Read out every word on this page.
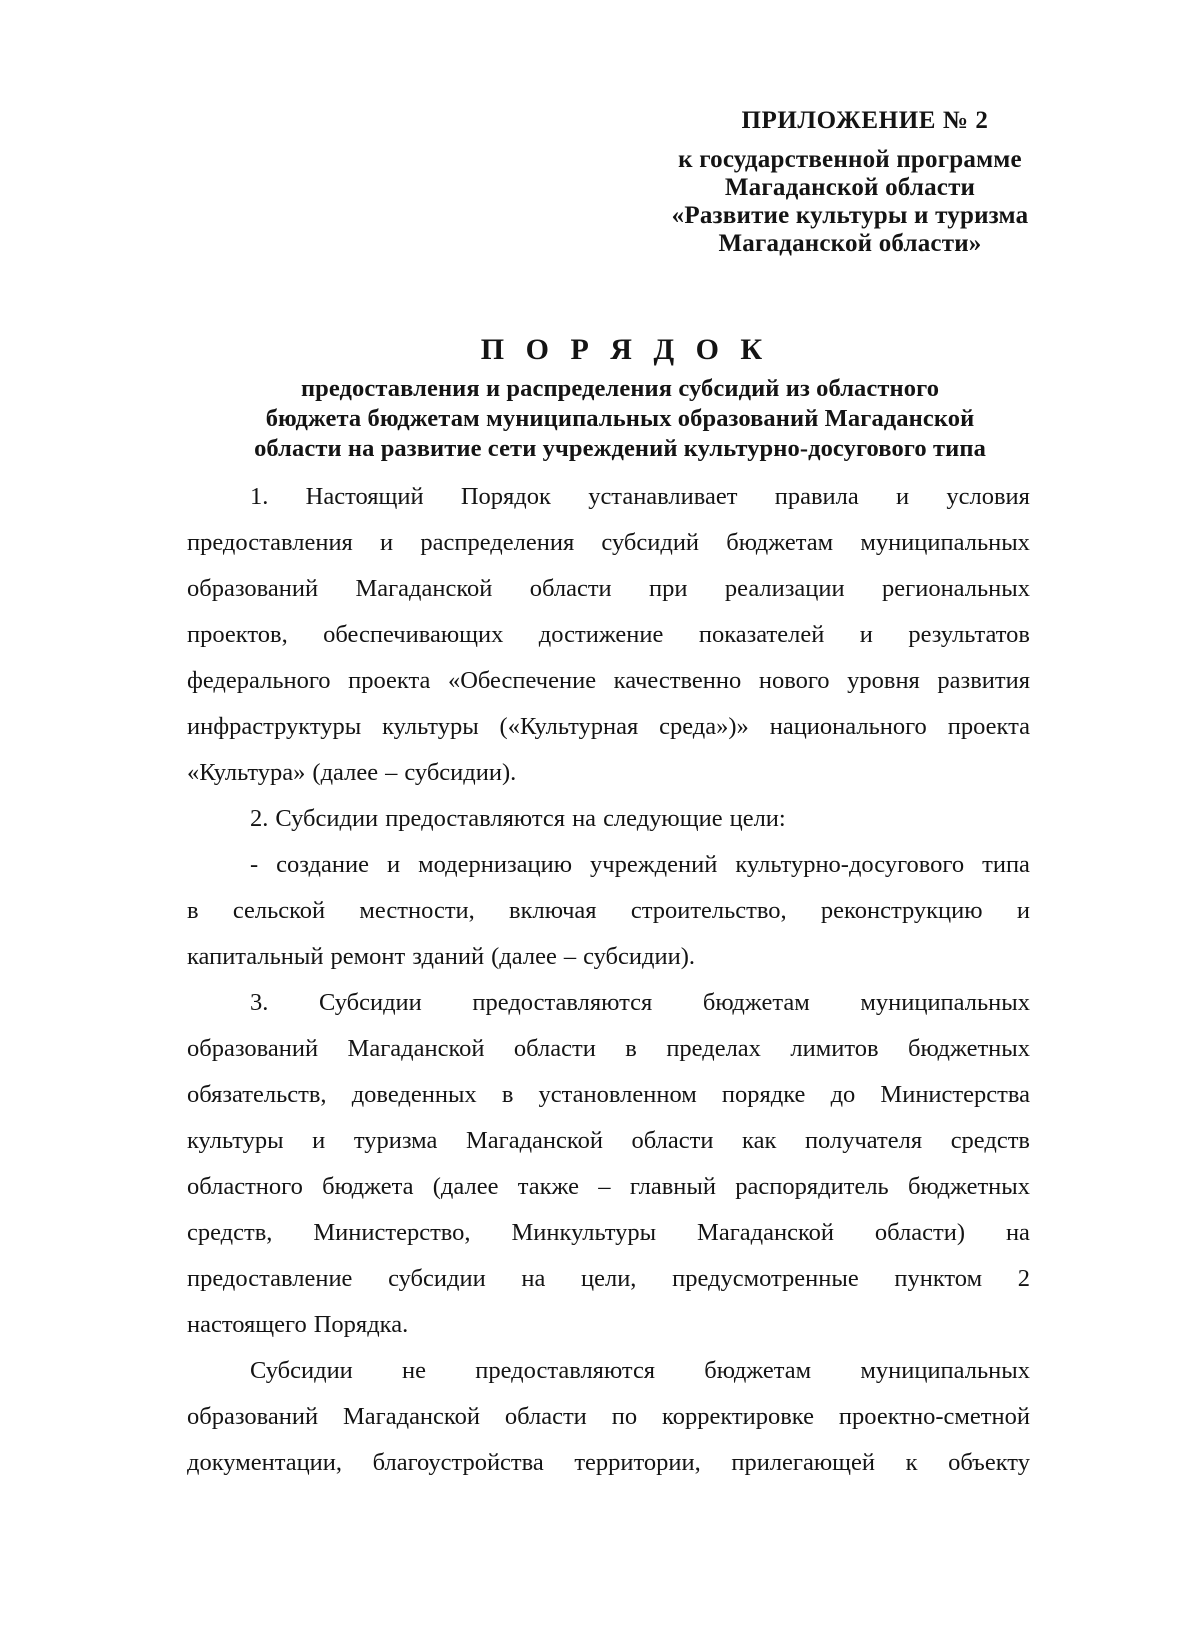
ПРИЛОЖЕНИЕ № 2
к государственной программе
Магаданской области
«Развитие культуры и туризма
Магаданской области»
П О Р Я Д О К
предоставления и распределения субсидий из областного
бюджета бюджетам муниципальных образований Магаданской
области на развитие сети учреждений культурно-досугового типа
1. Настоящий Порядок устанавливает правила и условия
предоставления и распределения субсидий бюджетам муниципальных
образований Магаданской области при реализации региональных
проектов, обеспечивающих достижение показателей и результатов
федерального проекта «Обеспечение качественно нового уровня развития
инфраструктуры культуры («Культурная среда»)» национального проекта
«Культура» (далее – субсидии).
2. Субсидии предоставляются на следующие цели:
- создание и модернизацию учреждений культурно-досугового типа
в сельской местности, включая строительство, реконструкцию и
капитальный ремонт зданий (далее – субсидии).
3. Субсидии предоставляются бюджетам муниципальных
образований Магаданской области в пределах лимитов бюджетных
обязательств, доведенных в установленном порядке до Министерства
культуры и туризма Магаданской области как получателя средств
областного бюджета (далее также – главный распорядитель бюджетных
средств, Министерство, Минкультуры Магаданской области) на
предоставление субсидии на цели, предусмотренные пунктом 2
настоящего Порядка.
Субсидии не предоставляются бюджетам муниципальных
образований Магаданской области по корректировке проектно-сметной
документации, благоустройства территории, прилегающей к объекту
